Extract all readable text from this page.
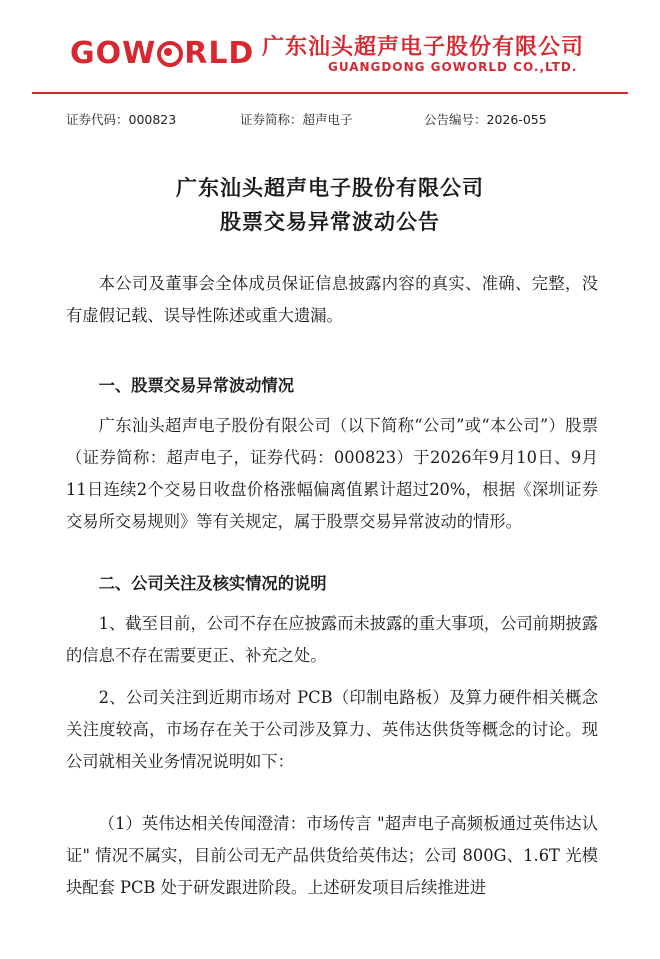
GOW RLD 广东汕头超声电子股份有限公司
GUANGDONG GOWORLD CO.,LTD.
证券代码：000823	证券简称：超声电子	公告编号：2026-055
广东汕头超声电子股份有限公司
股票交易异常波动公告
本公司及董事会全体成员保证信息披露内容的真实、准确、完整，没有虚假记载、误导性陈述或重大遗漏。
一、股票交易异常波动情况
广东汕头超声电子股份有限公司（以下简称“公司”或“本公司”）股票（证券简称：超声电子，证券代码：000823）于2026年9月10日、9月11日连续2个交易日收盘价格涨幅偏离值累计超过20%，根据《深圳证券交易所交易规则》等有关规定，属于股票交易异常波动的情形。
二、公司关注及核实情况的说明
1、截至目前，公司不存在应披露而未披露的重大事项，公司前期披露的信息不存在需要更正、补充之处。
2、公司关注到近期市场对 PCB（印制电路板）及算力硬件相关概念关注度较高，市场存在关于公司涉及算力、英伟达供货等概念的讨论。现公司就相关业务情况说明如下：
（1）英伟达相关传闻澄清：市场传言 "超声电子高频板通过英伟达认证" 情况不属实，目前公司无产品供货给英伟达；公司 800G、1.6T 光模块配套 PCB 处于研发跟进阶段。上述研发项目后续推进进
